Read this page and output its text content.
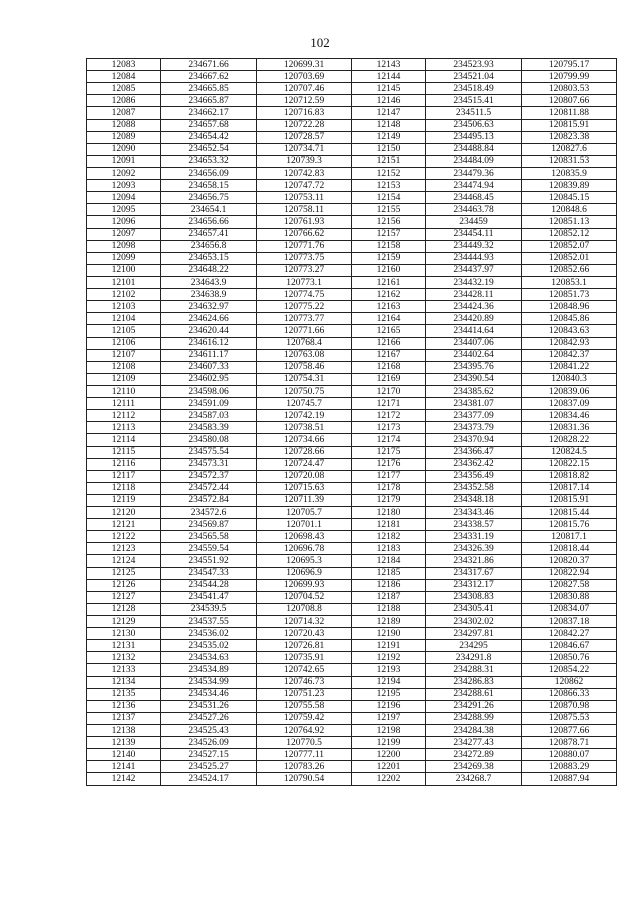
102
12083	234671.66	120699.31	12143	234523.93	120795.17
12084	234667.62	120703.69	12144	234521.04	120799.99
12085	234665.85	120707.46	12145	234518.49	120803.53
12086	234665.87	120712.59	12146	234515.41	120807.66
12087	234662.17	120716.83	12147	234511.5	120811.88
12088	234657.68	120722.28	12148	234506.63	120815.91
12089	234654.42	120728.57	12149	234495.13	120823.38
12090	234652.54	120734.71	12150	234488.84	120827.6
12091	234653.32	120739.3	12151	234484.09	120831.53
12092	234656.09	120742.83	12152	234479.36	120835.9
12093	234658.15	120747.72	12153	234474.94	120839.89
12094	234656.75	120753.11	12154	234468.45	120845.15
12095	234654.1	120758.11	12155	234463.78	120848.6
12096	234656.66	120761.93	12156	234459	120851.13
12097	234657.41	120766.62	12157	234454.11	120852.12
12098	234656.8	120771.76	12158	234449.32	120852.07
12099	234653.15	120773.75	12159	234444.93	120852.01
12100	234648.22	120773.27	12160	234437.97	120852.66
12101	234643.9	120773.1	12161	234432.19	120853.1
12102	234638.9	120774.75	12162	234428.11	120851.73
12103	234632.97	120775.22	12163	234424.36	120848.96
12104	234624.66	120773.77	12164	234420.89	120845.86
12105	234620.44	120771.66	12165	234414.64	120843.63
12106	234616.12	120768.4	12166	234407.06	120842.93
12107	234611.17	120763.08	12167	234402.64	120842.37
12108	234607.33	120758.46	12168	234395.76	120841.22
12109	234602.95	120754.31	12169	234390.54	120840.3
12110	234598.06	120750.75	12170	234385.62	120839.06
12111	234591.09	120745.7	12171	234381.07	120837.09
12112	234587.03	120742.19	12172	234377.09	120834.46
12113	234583.39	120738.51	12173	234373.79	120831.36
12114	234580.08	120734.66	12174	234370.94	120828.22
12115	234575.54	120728.66	12175	234366.47	120824.5
12116	234573.31	120724.47	12176	234362.42	120822.15
12117	234572.37	120720.08	12177	234356.49	120818.82
12118	234572.44	120715.63	12178	234352.58	120817.14
12119	234572.84	120711.39	12179	234348.18	120815.91
12120	234572.6	120705.7	12180	234343.46	120815.44
12121	234569.87	120701.1	12181	234338.57	120815.76
12122	234565.58	120698.43	12182	234331.19	120817.1
12123	234559.54	120696.78	12183	234326.39	120818.44
12124	234551.92	120695.3	12184	234321.86	120820.37
12125	234547.33	120696.9	12185	234317.67	120822.94
12126	234544.28	120699.93	12186	234312.17	120827.58
12127	234541.47	120704.52	12187	234308.83	120830.88
12128	234539.5	120708.8	12188	234305.41	120834.07
12129	234537.55	120714.32	12189	234302.02	120837.18
12130	234536.02	120720.43	12190	234297.81	120842.27
12131	234535.02	120726.81	12191	234295	120846.67
12132	234534.63	120735.91	12192	234291.8	120850.76
12133	234534.89	120742.65	12193	234288.31	120854.22
12134	234534.99	120746.73	12194	234286.83	120862
12135	234534.46	120751.23	12195	234288.61	120866.33
12136	234531.26	120755.58	12196	234291.26	120870.98
12137	234527.26	120759.42	12197	234288.99	120875.53
12138	234525.43	120764.92	12198	234284.38	120877.66
12139	234526.09	120770.5	12199	234277.43	120878.71
12140	234527.15	120777.11	12200	234272.89	120880.07
12141	234525.27	120783.26	12201	234269.38	120883.29
12142	234524.17	120790.54	12202	234268.7	120887.94
